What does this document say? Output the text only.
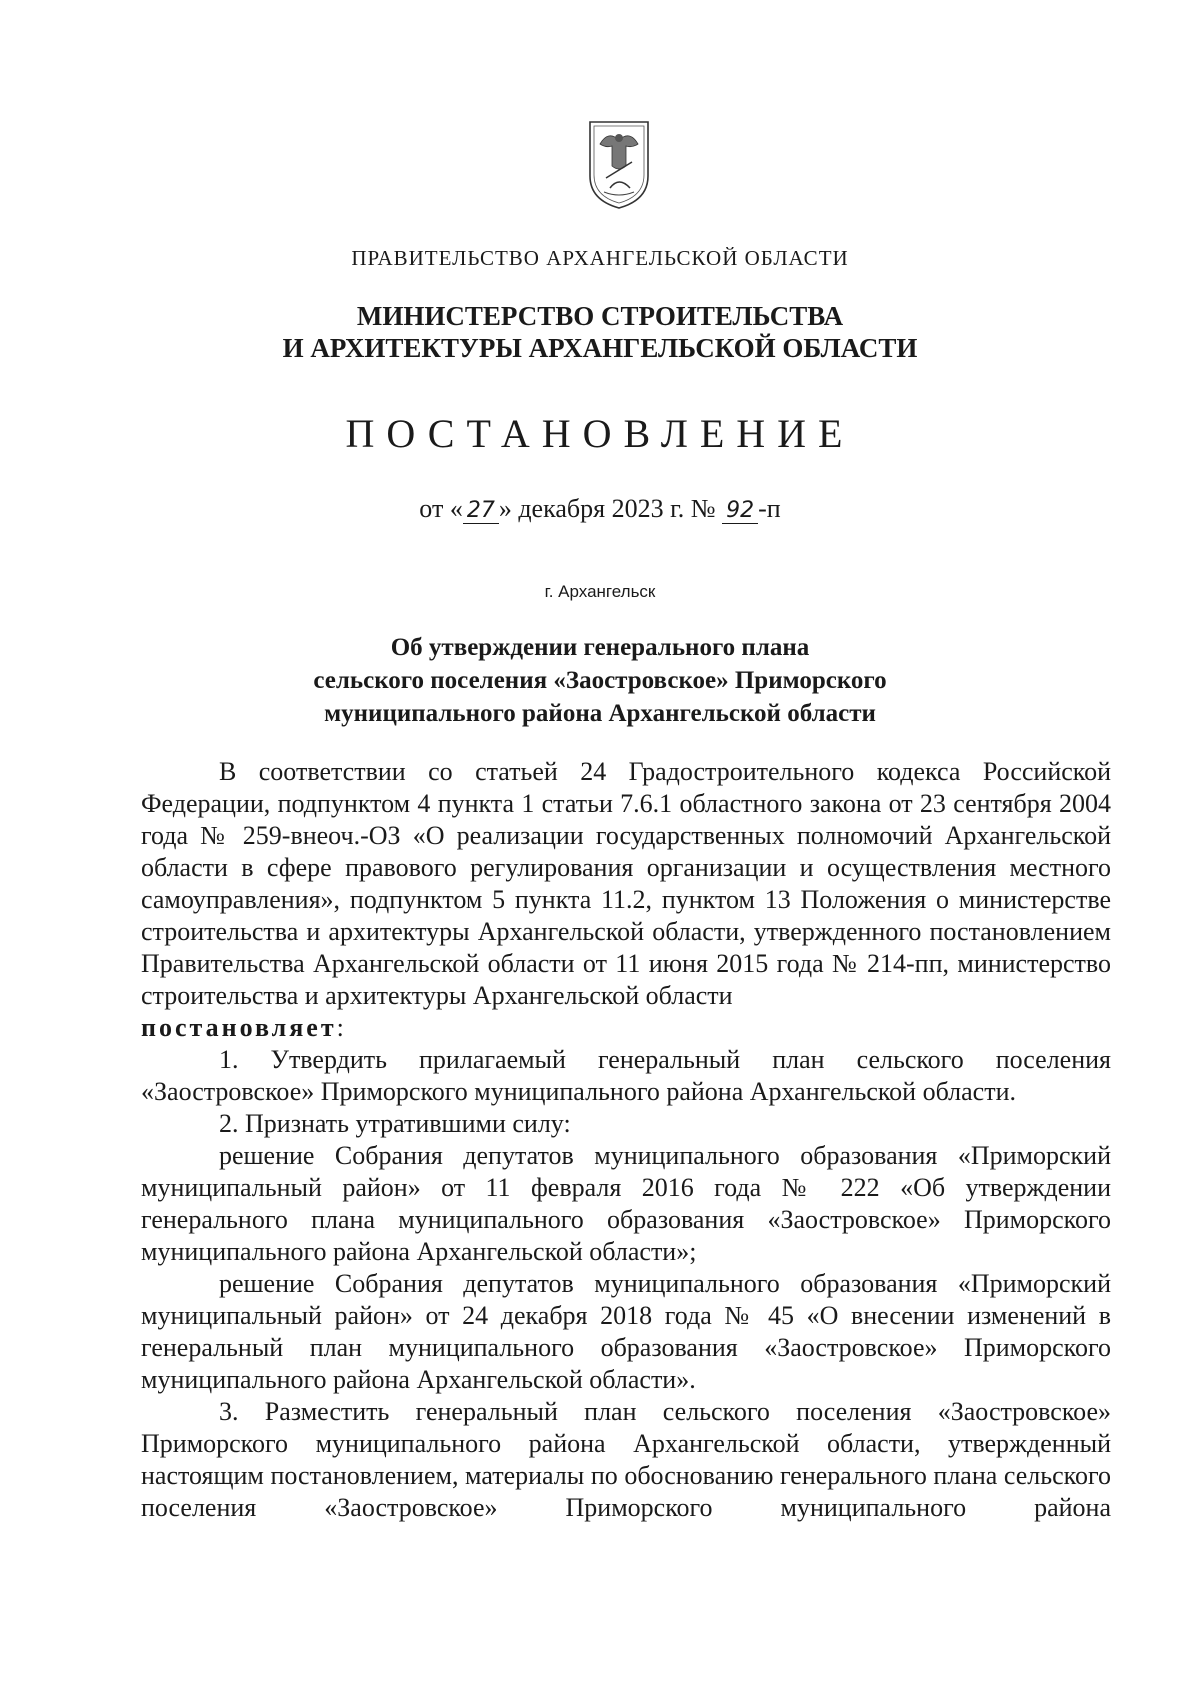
ПРАВИТЕЛЬСТВО АРХАНГЕЛЬСКОЙ ОБЛАСТИ
МИНИСТЕРСТВО СТРОИТЕЛЬСТВА
И АРХИТЕКТУРЫ АРХАНГЕЛЬСКОЙ ОБЛАСТИ
ПОСТАНОВЛЕНИЕ
от « 27 » декабря 2023 г. № 92 -п
г. Архангельск
Об утверждении генерального плана
сельского поселения «Заостровское» Приморского
муниципального района Архангельской области

В соответствии со статьей 24 Градостроительного кодекса Российской Федерации, подпунктом 4 пункта 1 статьи 7.6.1 областного закона от 23 сентября 2004 года № 259-внеоч.-ОЗ «О реализации государственных полномочий Архангельской области в сфере правового регулирования организации и осуществления местного самоуправления», подпунктом 5 пункта 11.2, пунктом 13 Положения о министерстве строительства и архитектуры Архангельской области, утвержденного постановлением Правительства Архангельской области от 11 июня 2015 года № 214-пп, министерство строительства и архитектуры Архангельской области

постановляет:

1. Утвердить прилагаемый генеральный план сельского поселения «Заостровское» Приморского муниципального района Архангельской области.

2. Признать утратившими силу:

решение Собрания депутатов муниципального образования «Приморский муниципальный район» от 11 февраля 2016 года № 222 «Об утверждении генерального плана муниципального образования «Заостровское» Приморского муниципального района Архангельской области»;

решение Собрания депутатов муниципального образования «Приморский муниципальный район» от 24 декабря 2018 года № 45 «О внесении изменений в генеральный план муниципального образования «Заостровское» Приморского муниципального района Архангельской области».

3. Разместить генеральный план сельского поселения «Заостровское» Приморского муниципального района Архангельской области, утвержденный настоящим постановлением, материалы по обоснованию генерального плана сельского поселения «Заостровское» Приморского муниципального района
